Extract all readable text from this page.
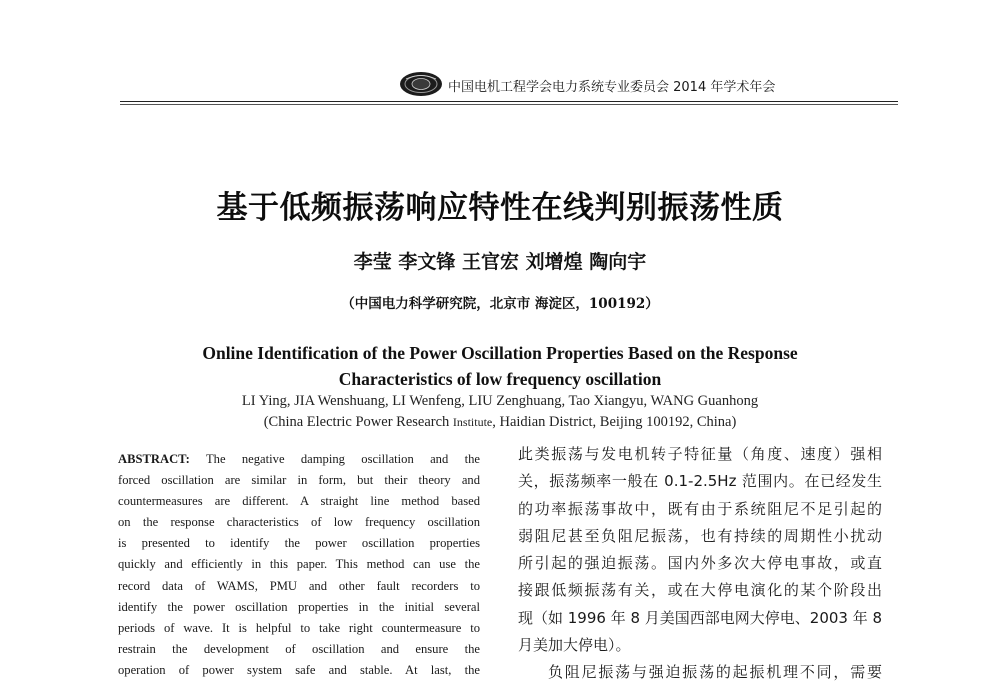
中国电机工程学会电力系统专业委员会 2014 年学术年会
基于低频振荡响应特性在线判别振荡性质
李莹 李文锋 王官宏 刘增煌 陶向宇
（中国电力科学研究院，北京市 海淀区，100192）
Online Identification of the Power Oscillation Properties Based on the Response
Characteristics of low frequency oscillation
LI Ying, JIA Wenshuang, LI Wenfeng, LIU Zenghuang, Tao Xiangyu, WANG Guanhong
(China Electric Power Research Institute, Haidian District, Beijing 100192, China)
ABSTRACT: The negative damping oscillation and the
forced oscillation are similar in form, but their theory and
countermeasures are different. A straight line method based
on the response characteristics of low frequency oscillation
is presented to identify the power oscillation properties
quickly and efficiently in this paper. This method can use the
record data of WAMS, PMU and other fault recorders to
identify the power oscillation properties in the initial several
periods of wave. It is helpful to take right countermeasure to
restrain the development of oscillation and ensure the
operation of power system safe and stable. At last, the
此类振荡与发电机转子特征量（角度、速度）强相
关，振荡频率一般在 0.1-2.5Hz 范围内。在已经发生
的功率振荡事故中，既有由于系统阻尼不足引起的
弱阻尼甚至负阻尼振荡，也有持续的周期性小扰动
所引起的强迫振荡。国内外多次大停电事故，或直
接跟低频振荡有关，或在大停电演化的某个阶段出
现（如 1996 年 8 月美国西部电网大停电、2003 年 8
月美加大停电）。
负阻尼振荡与强迫振荡的起振机理不同，需要
